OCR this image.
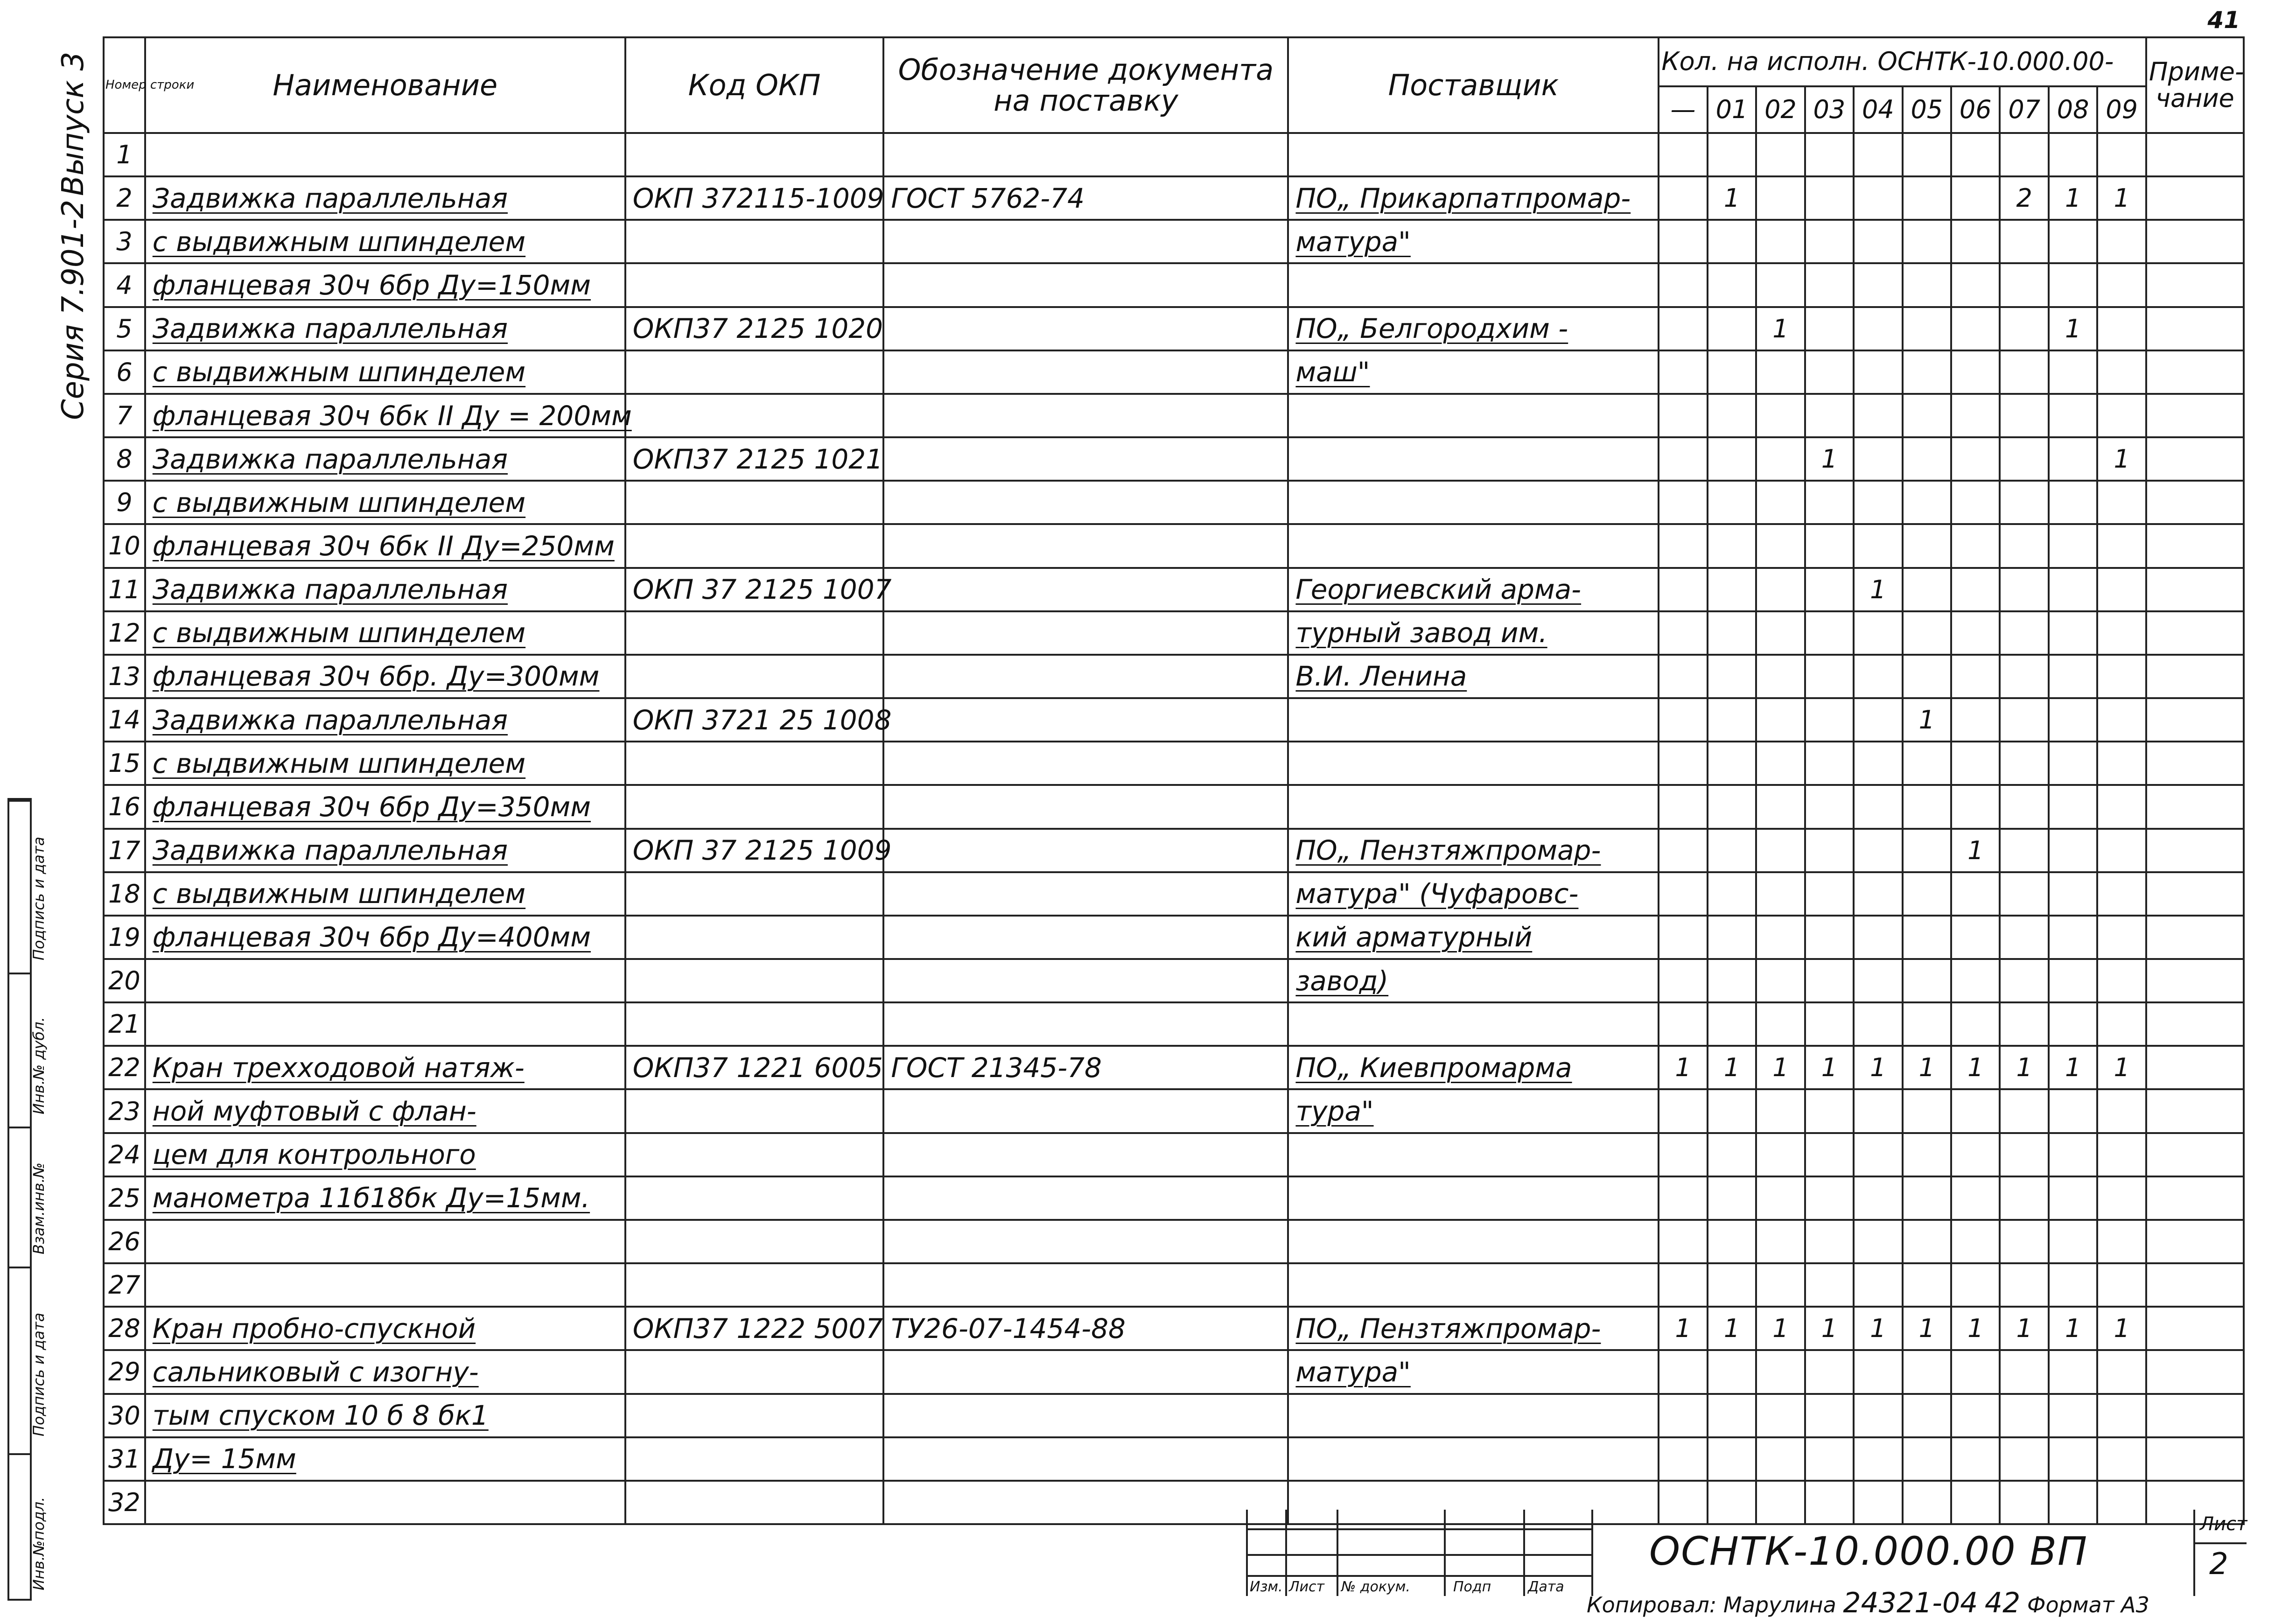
41
Выпуск 3
Серия 7.901-2
Подпись и дата
Инв.№ дубл.
Взам.инв.№
Подпись и дата
Инв.№подл.
Номер строки	Наименование	Код ОКП	Обозначение документа на поставку	Поставщик	Кол. на исполн. ОСНТК-10.000.00-										Приме-чание
					—	01	02	03	04	05	06	07	08	09	
1															
2	Задвижка параллельная	ОКП 372115-1009	ГОСТ 5762-74	ПО„ Прикарпатпромар-		1						2	1	1	
3	с выдвижным шпинделем			матура"											
4	фланцевая 30ч 6бр Ду=150мм														
5	Задвижка параллельная	ОКП37 2125 1020		ПО„ Белгородхим -			1						1		
6	с выдвижным шпинделем			маш"											
7	фланцевая 30ч 6бк II Ду = 200мм														
8	Задвижка параллельная	ОКП37 2125 1021						1						1	
9	с выдвижным шпинделем														
10	фланцевая 30ч 6бк II Ду=250мм														
11	Задвижка параллельная	ОКП 37 2125 1007		Георгиевский арма-					1						
12	с выдвижным шпинделем			турный завод им.											
13	фланцевая 30ч 6бр. Ду=300мм			В.И. Ленина											
14	Задвижка параллельная	ОКП 3721 25 1008								1					
15	с выдвижным шпинделем														
16	фланцевая 30ч 6бр Ду=350мм														
17	Задвижка параллельная	ОКП 37 2125 1009		ПО„ Пензтяжпромар-							1				
18	с выдвижным шпинделем			матура" (Чуфаровс-											
19	фланцевая 30ч 6бр Ду=400мм			кий арматурный											
20				завод)											
21															
22	Кран трехходовой натяж-	ОКП37 1221 6005	ГОСТ 21345-78	ПО„ Киевпромарма	1	1	1	1	1	1	1	1	1	1	
23	ной муфтовый с флан-			тура"											
24	цем для контрольного														
25	манометра 11б18бк Ду=15мм.														
26															
27															
28	Кран пробно-спускной	ОКП37 1222 5007	ТУ26-07-1454-88	ПО„ Пензтяжпромар-	1	1	1	1	1	1	1	1	1	1	
29	сальниковый с изогну-			матура"											
30	тым спуском 10 б 8 бк1														
31	Ду= 15мм														
32															
Изм. Лист № докум.	Подп	Дата
ОСНТК-10.000.00 ВП
Лист
2
Копировал: Марулина 24321-04 42 Формат А3
